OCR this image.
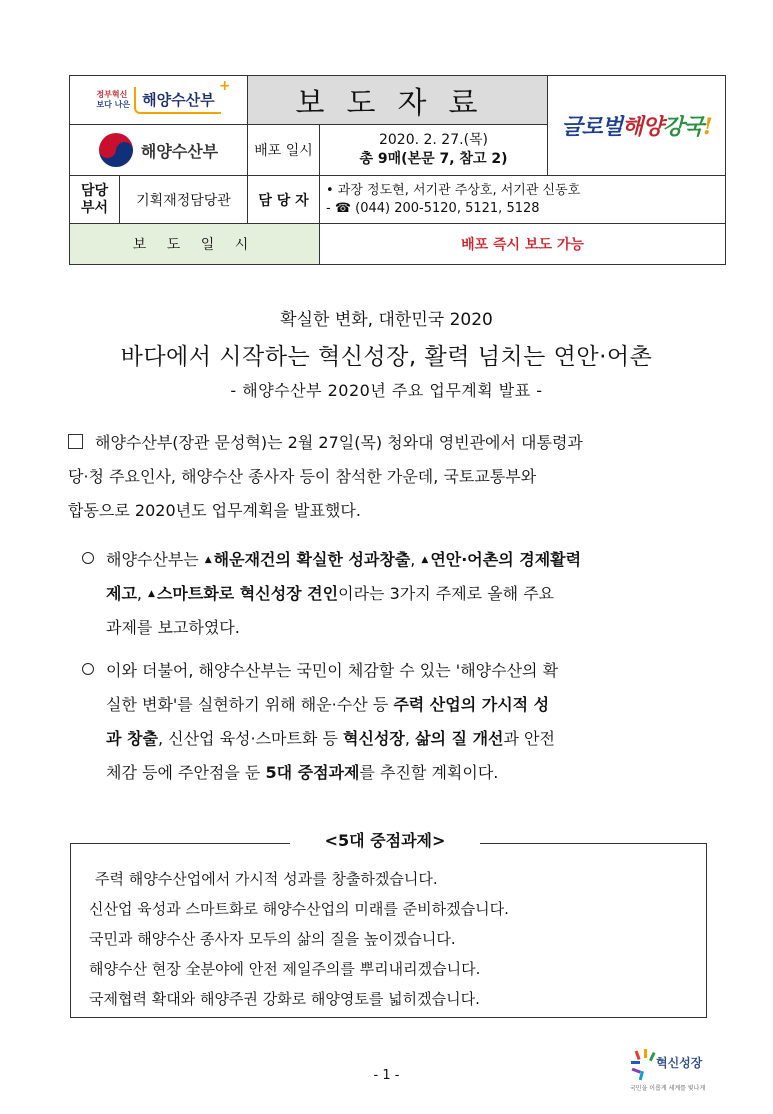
정부혁신
보다 나은 해양수산부
+
해양수산부		보도자료		글로벌해양강국!
		배포 일시	2020. 2. 27.(목)
총 9매(본문 7, 참고 2)	
담당
부서	기획재정담당관	담 당 자	• 과장 정도현, 서기관 주상호, 서기관 신동호
- ☎ (044) 200-5120, 5121, 5128	
보 도 일 시			배포 즉시 보도 가능	
확실한 변화, 대한민국 2020
바다에서 시작하는 혁신성장, 활력 넘치는 연안·어촌
- 해양수산부 2020년 주요 업무계획 발표 -
해양수산부(장관 문성혁)는 2월 27일(목) 청와대 영빈관에서 대통령과
당·청 주요인사, 해양수산 종사자 등이 참석한 가운데, 국토교통부와
합동으로 2020년도 업무계획을 발표했다.
해양수산부는 ▲ 해운재건의 확실한 성과창출, ▲ 연안·어촌의 경제활력

제고, ▲ 스마트화로 혁신성장 견인이라는 3가지 주제로 올해 주요
과제를 보고하였다.
이와 더불어, 해양수산부는 국민이 체감할 수 있는 '해양수산의 확
실한 변화'를 실현하기 위해 해운·수산 등 주력 산업의 가시적 성
과 창출, 신산업 육성·스마트화 등 혁신성장, 삶의 질 개선과 안전
체감 등에 주안점을 둔 5대 중점과제를 추진할 계획이다.
주력 해양수산업에서 가시적 성과를 창출하겠습니다.
신산업 육성과 스마트화로 해양수산업의 미래를 준비하겠습니다.
국민과 해양수산 종사자 모두의 삶의 질을 높이겠습니다.
해양수산 현장 全분야에 안전 제일주의를 뿌리내리겠습니다.
국제협력 확대와 해양주권 강화로 해양영토를 넓히겠습니다.
<5대 중점과제>
- 1 -
혁신성장
국민을 이롭게 세계를 빛나게
